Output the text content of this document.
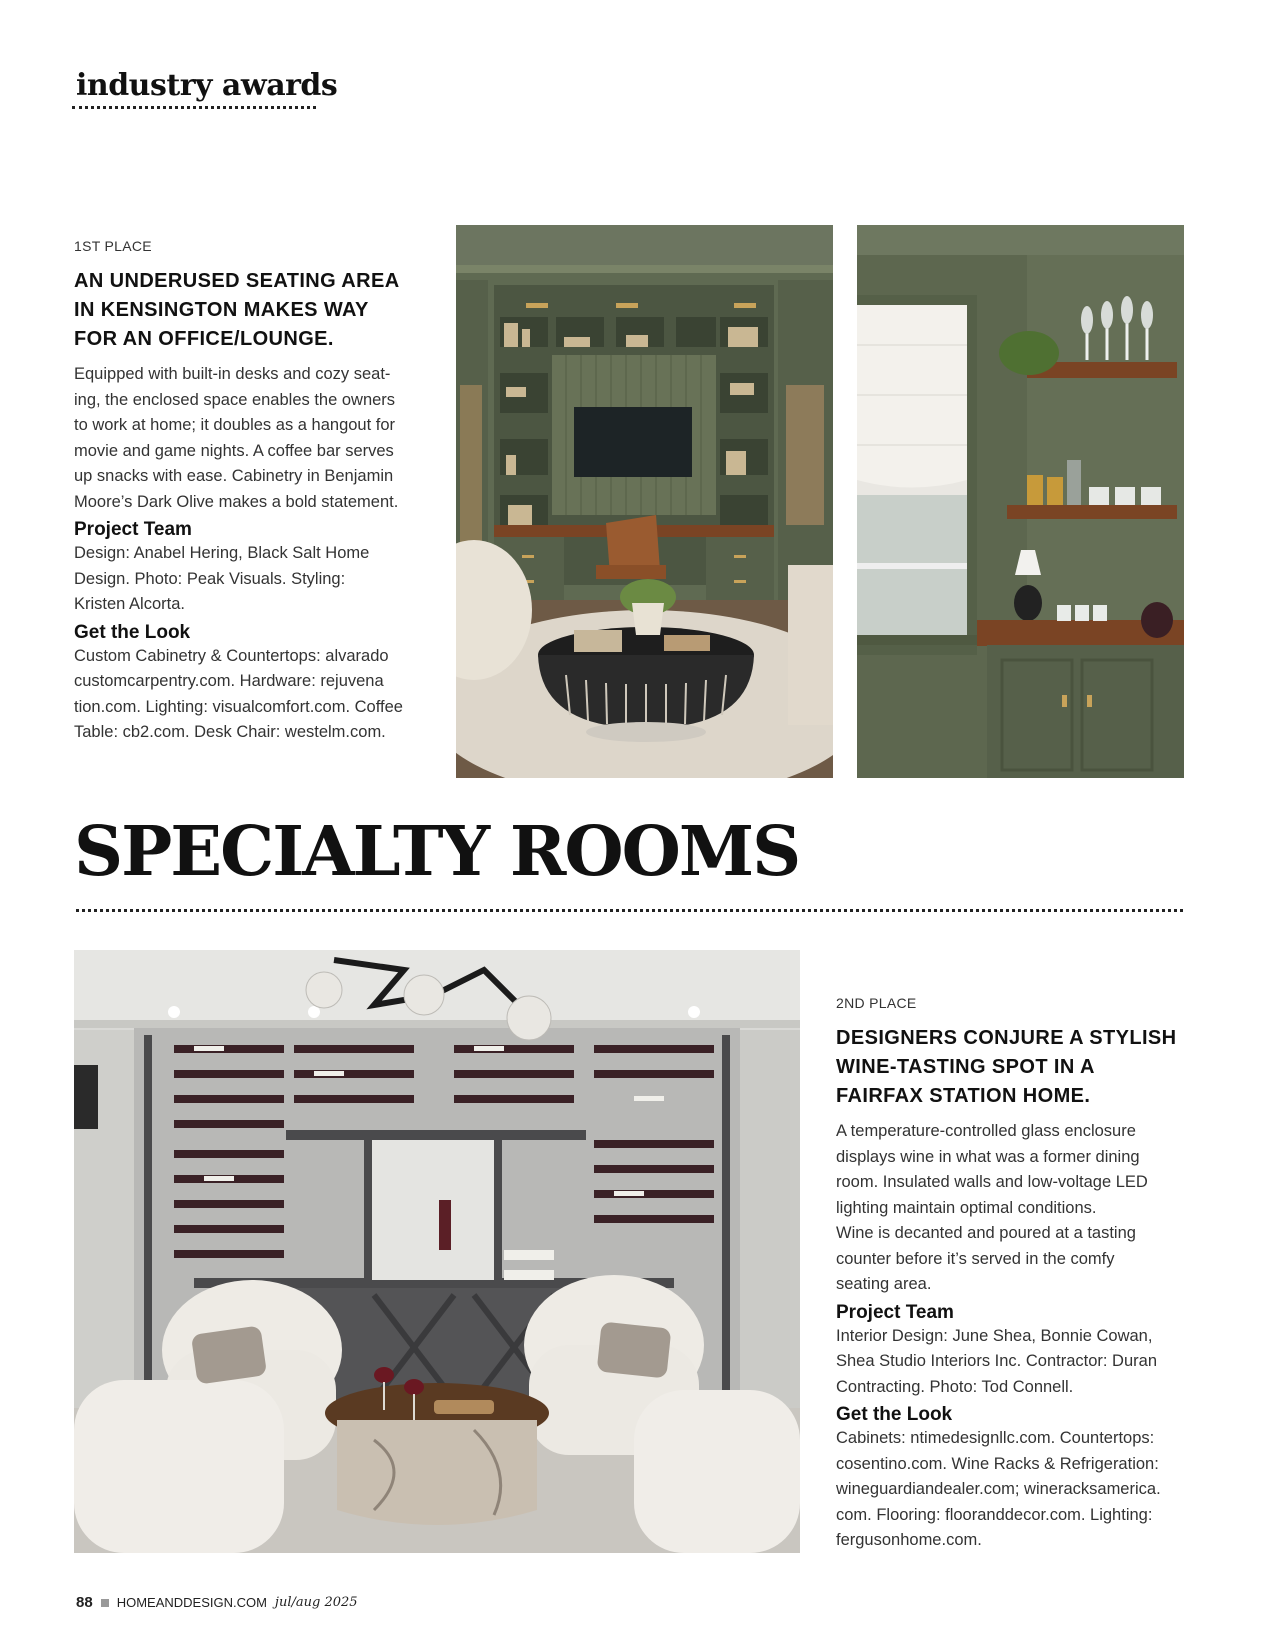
industry awards
1ST PLACE
AN UNDERUSED SEATING AREA
IN KENSINGTON MAKES WAY
FOR AN OFFICE/LOUNGE.
Equipped with built-in desks and cozy seat-
ing, the enclosed space enables the owners
to work at home; it doubles as a hangout for
movie and game nights. A coffee bar serves
up snacks with ease. Cabinetry in Benjamin
Moore’s Dark Olive makes a bold statement.
Project Team
Design: Anabel Hering, Black Salt Home
Design. Photo: Peak Visuals. Styling:
Kristen Alcorta.
Get the Look
Custom Cabinetry & Countertops: alvarado
customcarpentry.com. Hardware: rejuvena
tion.com. Lighting: visualcomfort.com. Coffee
Table: cb2.com. Desk Chair: westelm.com.
SPECIALTY ROOMS
2ND PLACE
DESIGNERS CONJURE A STYLISH
WINE-TASTING SPOT IN A
FAIRFAX STATION HOME.
A temperature-controlled glass enclosure
displays wine in what was a former dining
room. Insulated walls and low-voltage LED
lighting maintain optimal conditions.
Wine is decanted and poured at a tasting
counter before it’s served in the comfy
seating area.
Project Team
Interior Design: June Shea, Bonnie Cowan,
Shea Studio Interiors Inc. Contractor: Duran
Contracting. Photo: Tod Connell.
Get the Look
Cabinets: ntimedesignllc.com. Countertops:
cosentino.com. Wine Racks & Refrigeration:
wineguardiandealer.com; wineracksamerica.
com. Flooring: flooranddecor.com. Lighting:
fergusonhome.com.
88 HOMEANDDESIGN.COM jul/aug 2025
